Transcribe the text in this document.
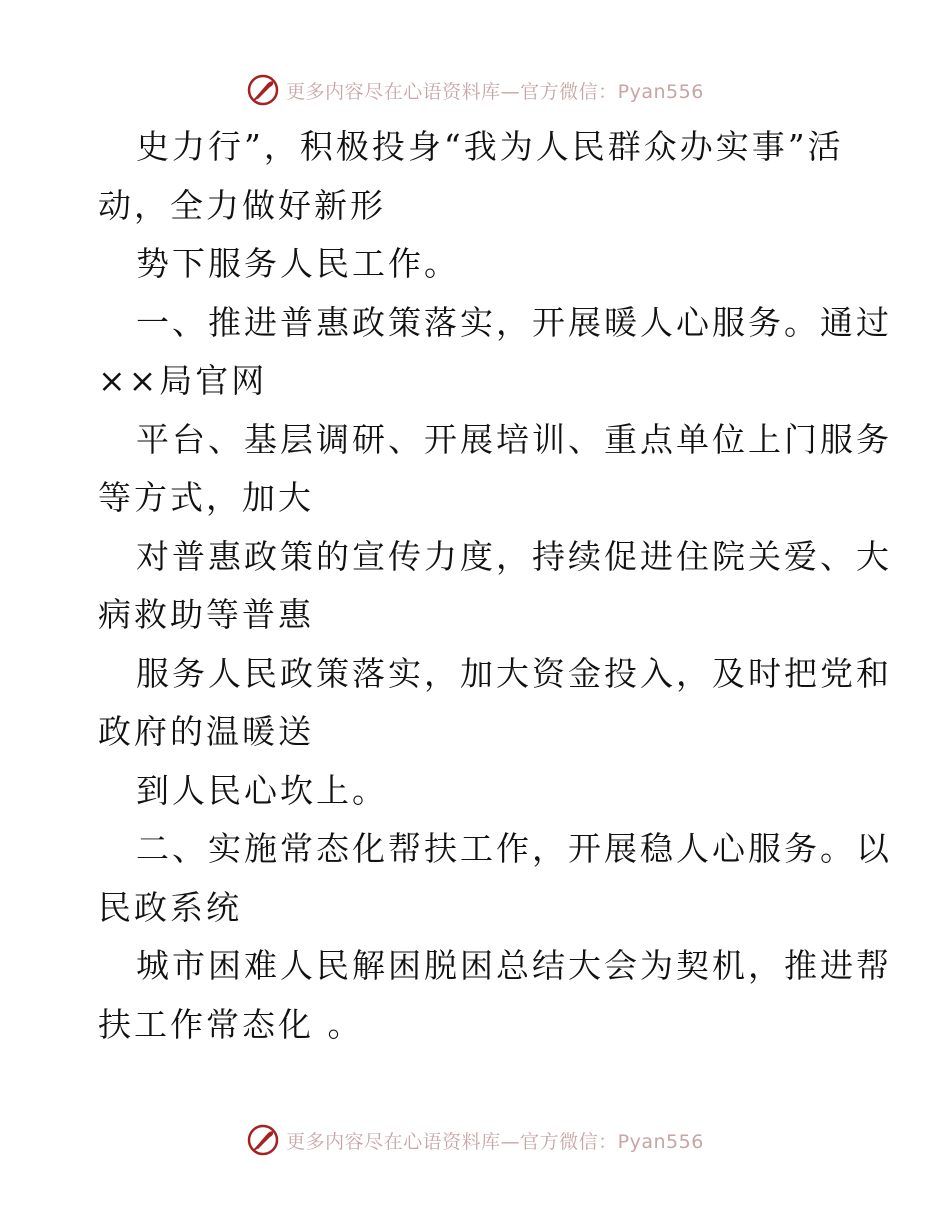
更多内容尽在心语资料库—官方微信：Pyan556
史力行”，积极投身“我为人民群众办实事”活
动，全力做好新形
势下服务人民工作。
一、推进普惠政策落实，开展暖人心服务。通过
××局官网
平台、基层调研、开展培训、重点单位上门服务
等方式，加大
对普惠政策的宣传力度，持续促进住院关爱、大
病救助等普惠
服务人民政策落实，加大资金投入，及时把党和
政府的温暖送
到人民心坎上。
二、实施常态化帮扶工作，开展稳人心服务。以
民政系统
城市困难人民解困脱困总结大会为契机，推进帮
扶工作常态化 。
更多内容尽在心语资料库—官方微信：Pyan556
